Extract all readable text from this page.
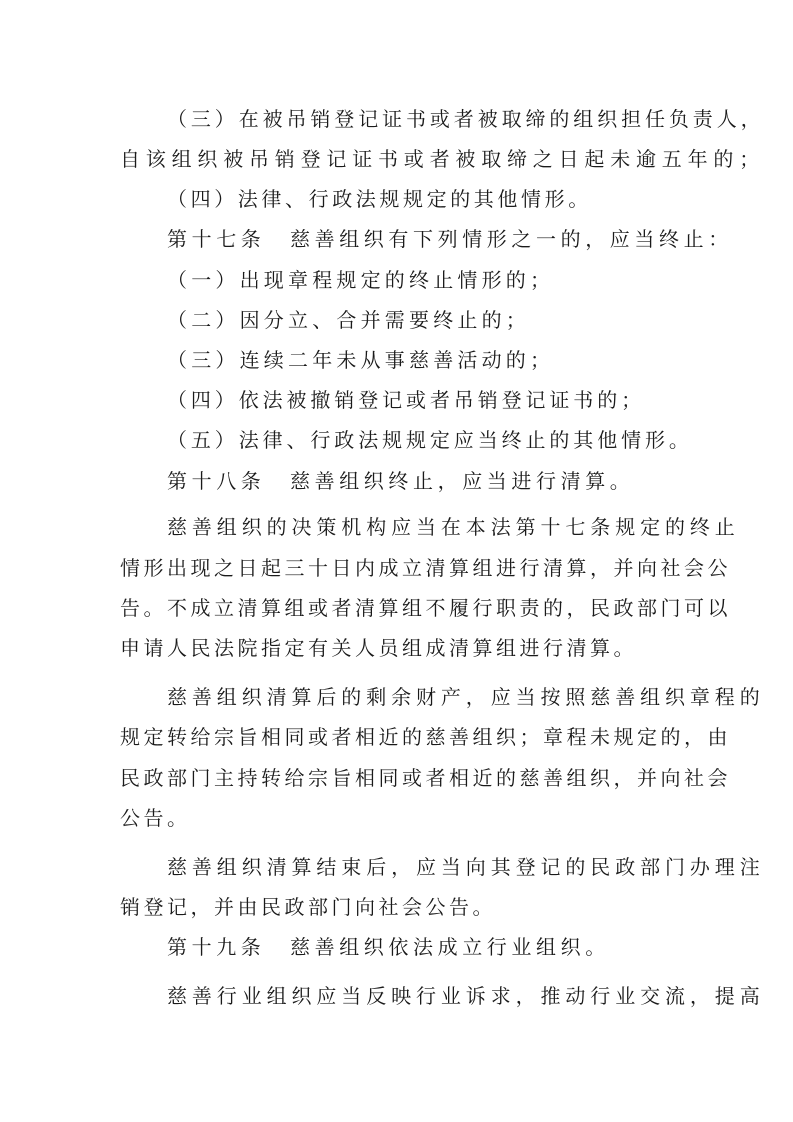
（三）在被吊销登记证书或者被取缔的组织担任负责人，
自该组织被吊销登记证书或者被取缔之日起未逾五年的；
（四）法律、行政法规规定的其他情形。
第十七条　慈善组织有下列情形之一的，应当终止：
（一）出现章程规定的终止情形的；
（二）因分立、合并需要终止的；
（三）连续二年未从事慈善活动的；
（四）依法被撤销登记或者吊销登记证书的；
（五）法律、行政法规规定应当终止的其他情形。
第十八条　慈善组织终止，应当进行清算。
慈善组织的决策机构应当在本法第十七条规定的终止
情形出现之日起三十日内成立清算组进行清算，并向社会公
告。不成立清算组或者清算组不履行职责的，民政部门可以
申请人民法院指定有关人员组成清算组进行清算。
慈善组织清算后的剩余财产，应当按照慈善组织章程的
规定转给宗旨相同或者相近的慈善组织；章程未规定的，由
民政部门主持转给宗旨相同或者相近的慈善组织，并向社会
公告。
慈善组织清算结束后，应当向其登记的民政部门办理注
销登记，并由民政部门向社会公告。
第十九条　慈善组织依法成立行业组织。
慈善行业组织应当反映行业诉求，推动行业交流，提高
